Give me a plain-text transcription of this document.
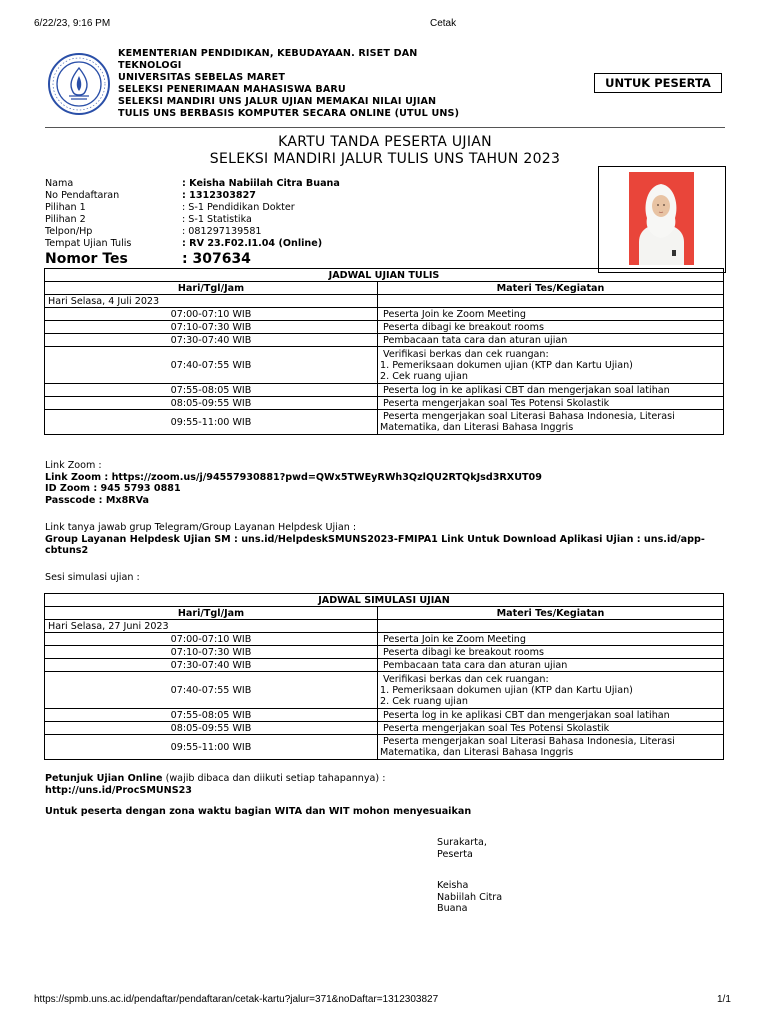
6/22/23, 9:16 PM	Cetak
KEMENTERIAN PENDIDIKAN, KEBUDAYAAN. RISET DAN
TEKNOLOGI
UNIVERSITAS SEBELAS MARET
SELEKSI PENERIMAAN MAHASISWA BARU
SELEKSI MANDIRI UNS JALUR UJIAN MEMAKAI NILAI UJIAN
TULIS UNS BERBASIS KOMPUTER SECARA ONLINE (UTUL UNS)
UNTUK PESERTA
KARTU TANDA PESERTA UJIAN
SELEKSI MANDIRI JALUR TULIS UNS TAHUN 2023
Nama	: Keisha Nabiilah Citra Buana
No Pendaftaran	: 1312303827
Pilihan 1	: S-1 Pendidikan Dokter
Pilihan 2	: S-1 Statistika
Telpon/Hp	: 081297139581
Tempat Ujian Tulis	: RV 23.F02.I1.04 (Online)
Nomor Tes	: 307634
JADWAL UJIAN TULIS	
Hari/Tgl/Jam	Materi Tes/Kegiatan
Hari Selasa, 4 Juli 2023	
07:00-07:10 WIB	Peserta Join ke Zoom Meeting

07:10-07:30 WIB	Peserta dibagi ke breakout rooms

07:30-07:40 WIB	Pembacaan tata cara dan aturan ujian

07:40-07:55 WIB	Verifikasi berkas dan cek ruangan:
1. Pemeriksaan dokumen ujian (KTP dan Kartu Ujian)
2. Cek ruang ujian

07:55-08:05 WIB	Peserta log in ke aplikasi CBT dan mengerjakan soal latihan

08:05-09:55 WIB	Peserta mengerjakan soal Tes Potensi Skolastik

09:55-11:00 WIB	Peserta mengerjakan soal Literasi Bahasa Indonesia, Literasi
Matematika, dan Literasi Bahasa Inggris
Link Zoom :
Link Zoom : https://zoom.us/j/94557930881?pwd=QWx5TWEyRWh3QzlQU2RTQkJsd3RXUT09
ID Zoom : 945 5793 0881
Passcode : Mx8RVa
Link tanya jawab grup Telegram/Group Layanan Helpdesk Ujian :
Group Layanan Helpdesk Ujian SM : uns.id/HelpdeskSMUNS2023-FMIPA1 Link Untuk Download Aplikasi Ujian : uns.id/app-
cbtuns2
Sesi simulasi ujian :
JADWAL SIMULASI UJIAN	
Hari/Tgl/Jam	Materi Tes/Kegiatan
Hari Selasa, 27 Juni 2023	
07:00-07:10 WIB	Peserta Join ke Zoom Meeting

07:10-07:30 WIB	Peserta dibagi ke breakout rooms

07:30-07:40 WIB	Pembacaan tata cara dan aturan ujian

07:40-07:55 WIB	Verifikasi berkas dan cek ruangan:
1. Pemeriksaan dokumen ujian (KTP dan Kartu Ujian)
2. Cek ruang ujian

07:55-08:05 WIB	Peserta log in ke aplikasi CBT dan mengerjakan soal latihan

08:05-09:55 WIB	Peserta mengerjakan soal Tes Potensi Skolastik

09:55-11:00 WIB	Peserta mengerjakan soal Literasi Bahasa Indonesia, Literasi
Matematika, dan Literasi Bahasa Inggris
Petunjuk Ujian Online (wajib dibaca dan diikuti setiap tahapannya) :
http://uns.id/ProcSMUNS23
Untuk peserta dengan zona waktu bagian WITA dan WIT mohon menyesuaikan
Surakarta,
Peserta
Keisha
Nabiilah Citra
Buana
https://spmb.uns.ac.id/pendaftar/pendaftaran/cetak-kartu?jalur=371&noDaftar=1312303827	1/1
